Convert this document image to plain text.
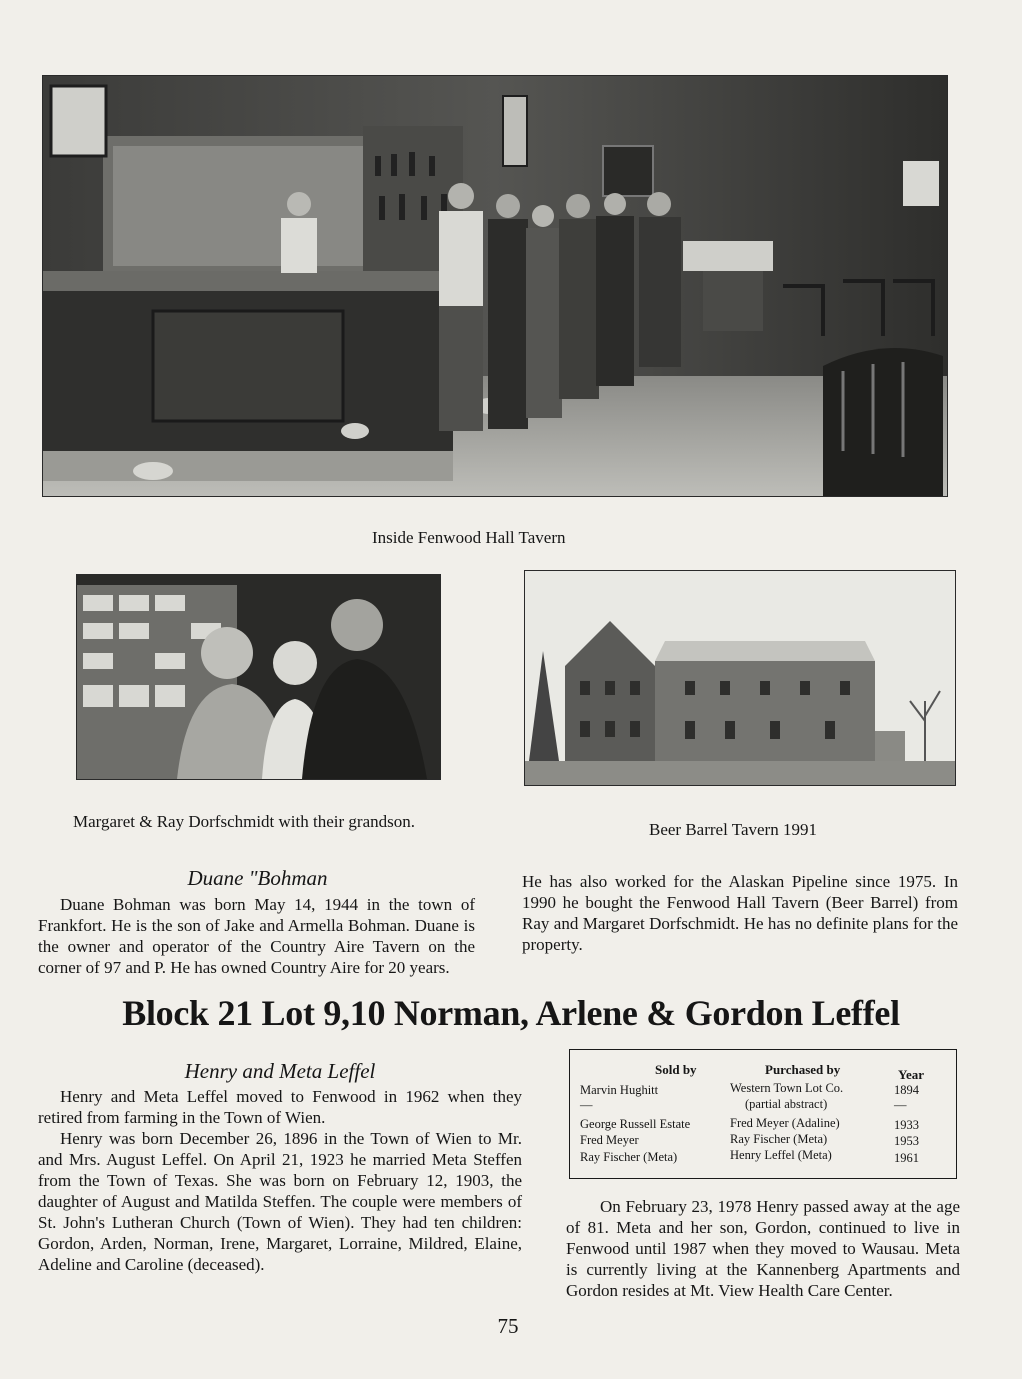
Inside Fenwood Hall Tavern
Margaret & Ray Dorfschmidt with their grandson.	Beer Barrel Tavern 1991
Duane "Bohman

Duane Bohman was born May 14, 1944 in the town of Frankfort. He is the son of Jake and Armella Bohman. Duane is the owner and operator of the Country Aire Tavern on the corner of 97 and P. He has owned Country Aire for 20 years.

He has also worked for the Alaskan Pipeline since 1975. In 1990 he bought the Fenwood Hall Tavern (Beer Barrel) from Ray and Margaret Dorfschmidt. He has no definite plans for the property.

Block 21 Lot 9,10 Norman, Arlene & Gordon Leffel
Henry and Meta Leffel

Henry and Meta Leffel moved to Fenwood in 1962 when they retired from farming in the Town of Wien.

Henry was born December 26, 1896 in the Town of Wien to Mr. and Mrs. August Leffel. On April 21, 1923 he married Meta Steffen from the Town of Texas. She was born on February 12, 1903, the daughter of August and Matilda Steffen. The couple were members of St. John's Lutheran Church (Town of Wien). They had ten children: Gordon, Arden, Norman, Irene, Margaret, Lorraine, Mildred, Elaine, Adeline and Caroline (deceased).

Sold by	Purchased by	Year
Marvin Hughitt	Western Town Lot Co.	1894
—	(partial abstract)	—
George Russell Estate	Fred Meyer (Adaline)	1933
Fred Meyer	Ray Fischer (Meta)	1953
Ray Fischer (Meta)	Henry Leffel (Meta)	1961

On February 23, 1978 Henry passed away at the age of 81. Meta and her son, Gordon, continued to live in Fenwood until 1987 when they moved to Wausau. Meta is currently living at the Kannenberg Apartments and Gordon resides at Mt. View Health Care Center.

75
